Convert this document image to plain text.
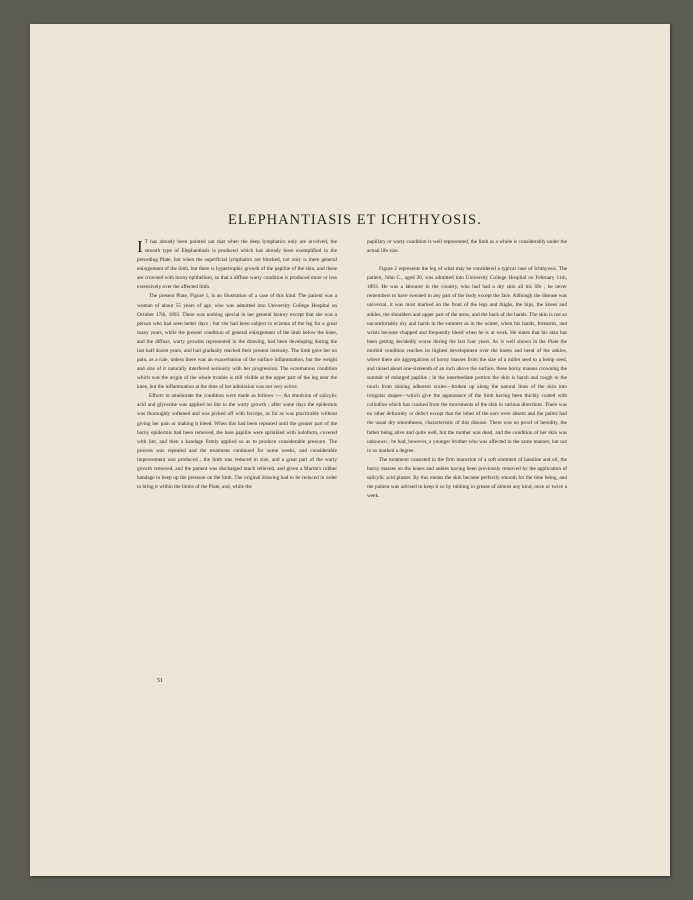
ELEPHANTIASIS ET ICHTHYOSIS.

I T has already been pointed out that when the deep lymphatics only are involved, the smooth type of Elephantiasis is produced which has already been exemplified in the preceding Plate, but when the superficial lymphatics are blocked, not only is there general enlargement of the limb, but there is hypertrophic growth of the papillæ of the skin, and these are crowned with horny epithelium, so that a diffuse warty condition is produced more or less extensively over the affected limb.

The present Plate, Figure 1, is an illustration of a case of this kind. The patient was a woman of about 55 years of age, who was admitted into University College Hospital on October 17th, 1893. There was nothing special in her general history except that she was a person who had seen better days ; but she had been subject to eczema of the leg for a great many years, while the present condition of general enlargement of the limb below the knee, and the diffuse, warty growths represented in the drawing, had been developing during the last half dozen years, and had gradually reached their present intensity. The limb gave her no pain, as a rule, unless there was an exacerbation of the surface inflammation, but the weight and size of it naturally interfered seriously with her progression. The eczematous condition which was the origin of the whole trouble is still visible at the upper part of the leg near the knee, but the inflammation at the time of her admission was not very active.

Efforts to ameliorate the condition were made as follows :— An emulsion of salicylic acid and glycerine was applied on lint to the warty growth ; after some days the epidermis was thoroughly softened and was picked off with forceps, as far as was practicable without giving her pain or making it bleed. When this had been repeated until the greater part of the horny epidermis had been removed, the bare papillæ were sprinkled with iodoform, covered with lint, and then a bandage firmly applied so as to produce considerable pressure. The process was repeated and the treatment continued for some weeks, and considerable improvement was produced ; the limb was reduced in size, and a great part of the warty growth removed, and the patient was discharged much relieved, and given a Martin's rubber bandage to keep up the pressure on the limb. The original drawing had to be reduced in order to bring it within the limits of the Plate, and, while the

papillary or warty condition is well represented, the limb as a whole is considerably under the actual life size.

Figure 2 represents the leg of what may be considered a typical case of Ichthyosis. The patient, John C., aged 20, was admitted into University College Hospital on February 11th, 1893. He was a labourer in the country, who had had a dry skin all his life ; he never remembers to have sweated in any part of the body except the face. Although the disease was universal, it was most marked on the front of the legs and thighs, the hips, the knees and ankles, the shoulders and upper part of the arms, and the back of the hands. The skin is not so uncomfortably dry and harsh in the summer as in the winter, when his hands, forearms, and wrists become chapped and frequently bleed when he is at work. He states that his skin has been getting decidedly worse during the last four years. As is well shown in the Plate the morbid condition reaches its highest development over the knees and bend of the ankles, where there are aggregations of horny masses from the size of a millet seed to a hemp seed, and raised about one-sixteenth of an inch above the surface, these horny masses crowning the summit of enlarged papillæ ; in the intermediate portion the skin is harsh and rough to the touch from shining adherent scales—broken up along the natural lines of the skin into irregular shapes—which give the appearance of the limb having been thickly coated with collodion which has cracked from the movements of the skin in various directions. There was no other deformity or defect except that the lobes of the ears were absent and the palms had the usual dry smoothness, characteristic of this disease. There was no proof of heredity, the father being alive and quite well, but the mother was dead, and the condition of her skin was unknown ; he had, however, a younger brother who was affected in the same manner, but not in so marked a degree.

The treatment consisted in the firm inunction of a soft ointment of lanoline and oil, the horny masses on the knees and ankles having been previously removed by the application of salicylic acid plaster. By this means the skin became perfectly smooth for the time being, and the patient was advised to keep it so by rubbing in grease of almost any kind, once or twice a week.

51
